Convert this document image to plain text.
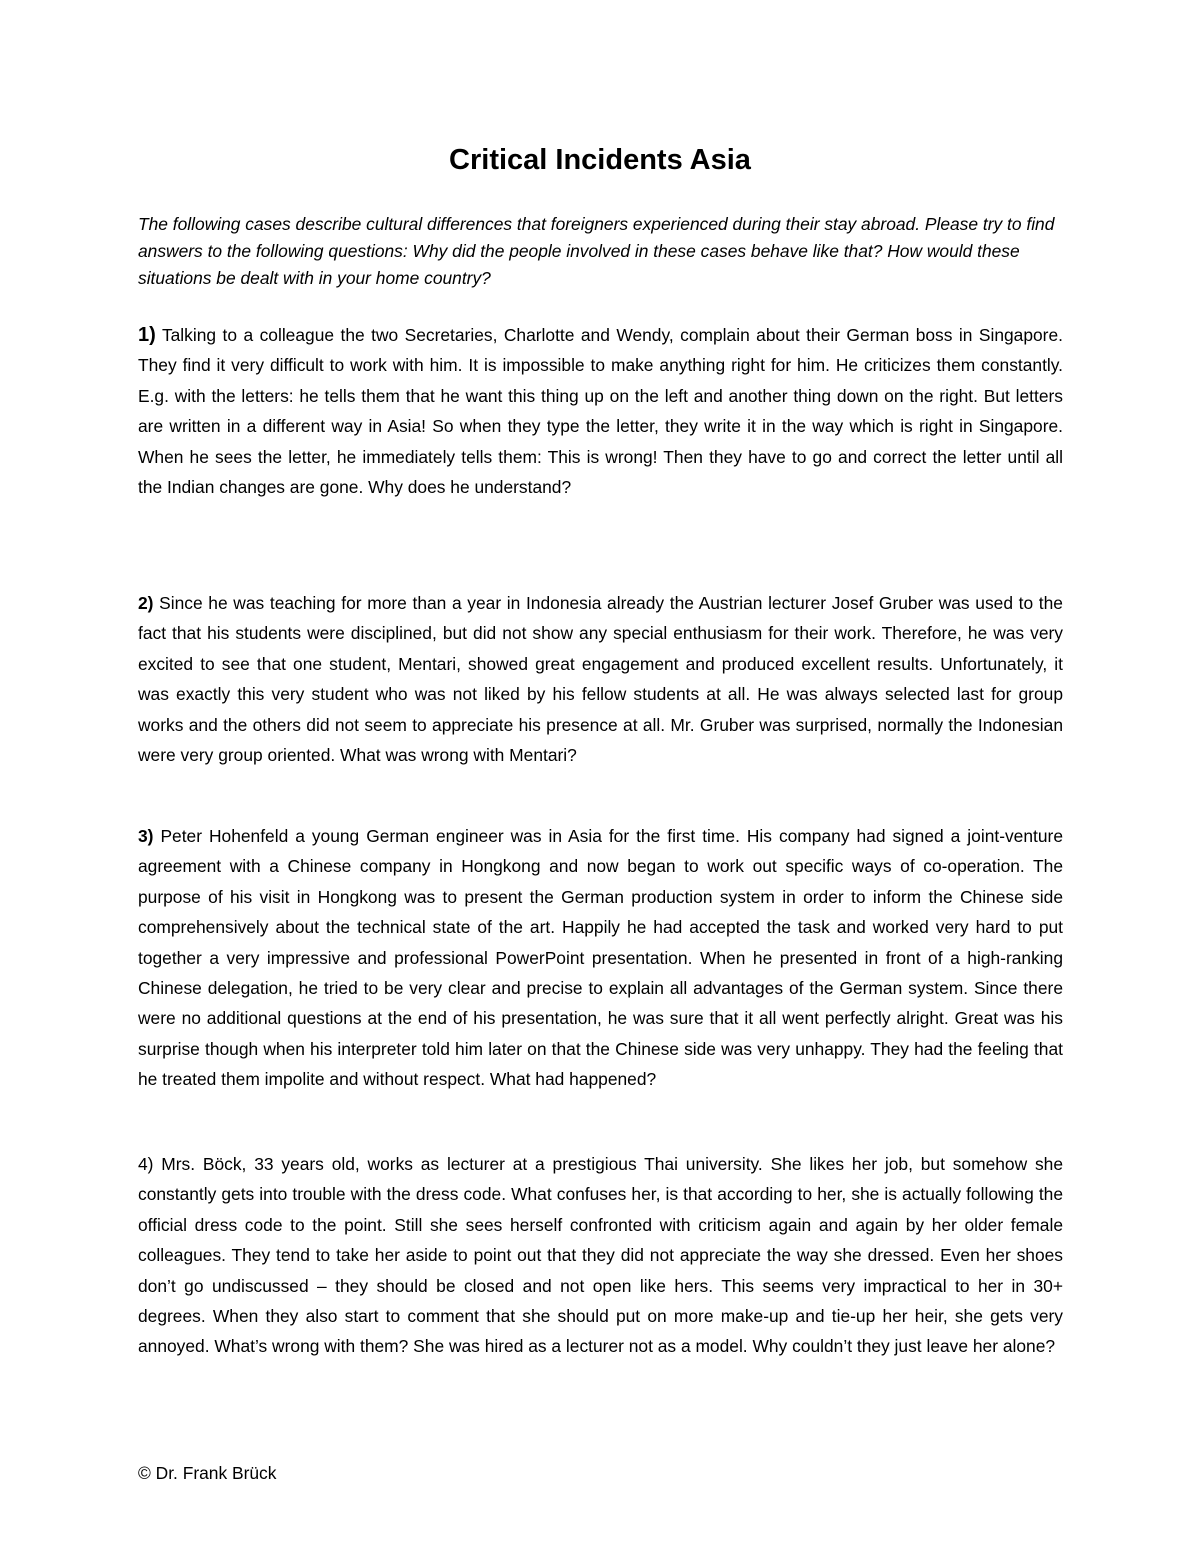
Critical Incidents Asia

The following cases describe cultural differences that foreigners experienced during their stay abroad. Please try to find answers to the following questions: Why did the people involved in these cases behave like that? How would these situations be dealt with in your home country?

1) Talking to a colleague the two Secretaries, Charlotte and Wendy, complain about their German boss in Singapore. They find it very difficult to work with him. It is impossible to make anything right for him. He criticizes them constantly. E.g. with the letters: he tells them that he want this thing up on the left and another thing down on the right. But letters are written in a different way in Asia! So when they type the letter, they write it in the way which is right in Singapore. When he sees the letter, he immediately tells them: This is wrong! Then they have to go and correct the letter until all the Indian changes are gone. Why does he understand?

2) Since he was teaching for more than a year in Indonesia already the Austrian lecturer Josef Gruber was used to the fact that his students were disciplined, but did not show any special enthusiasm for their work. Therefore, he was very excited to see that one student, Mentari, showed great engagement and produced excellent results. Unfortunately, it was exactly this very student who was not liked by his fellow students at all. He was always selected last for group works and the others did not seem to appreciate his presence at all. Mr. Gruber was surprised, normally the Indonesian were very group oriented. What was wrong with Mentari?

3) Peter Hohenfeld a young German engineer was in Asia for the first time. His company had signed a joint-venture agreement with a Chinese company in Hongkong and now began to work out specific ways of co-operation. The purpose of his visit in Hongkong was to present the German production system in order to inform the Chinese side comprehensively about the technical state of the art. Happily he had accepted the task and worked very hard to put together a very impressive and professional PowerPoint presentation. When he presented in front of a high-ranking Chinese delegation, he tried to be very clear and precise to explain all advantages of the German system. Since there were no additional questions at the end of his presentation, he was sure that it all went perfectly alright. Great was his surprise though when his interpreter told him later on that the Chinese side was very unhappy. They had the feeling that he treated them impolite and without respect. What had happened?

4) Mrs. Böck, 33 years old, works as lecturer at a prestigious Thai university. She likes her job, but somehow she constantly gets into trouble with the dress code. What confuses her, is that according to her, she is actually following the official dress code to the point. Still she sees herself confronted with criticism again and again by her older female colleagues. They tend to take her aside to point out that they did not appreciate the way she dressed. Even her shoes don’t go undiscussed – they should be closed and not open like hers. This seems very impractical to her in 30+ degrees. When they also start to comment that she should put on more make-up and tie-up her heir, she gets very annoyed. What’s wrong with them? She was hired as a lecturer not as a model. Why couldn’t they just leave her alone?

© Dr. Frank Brück
